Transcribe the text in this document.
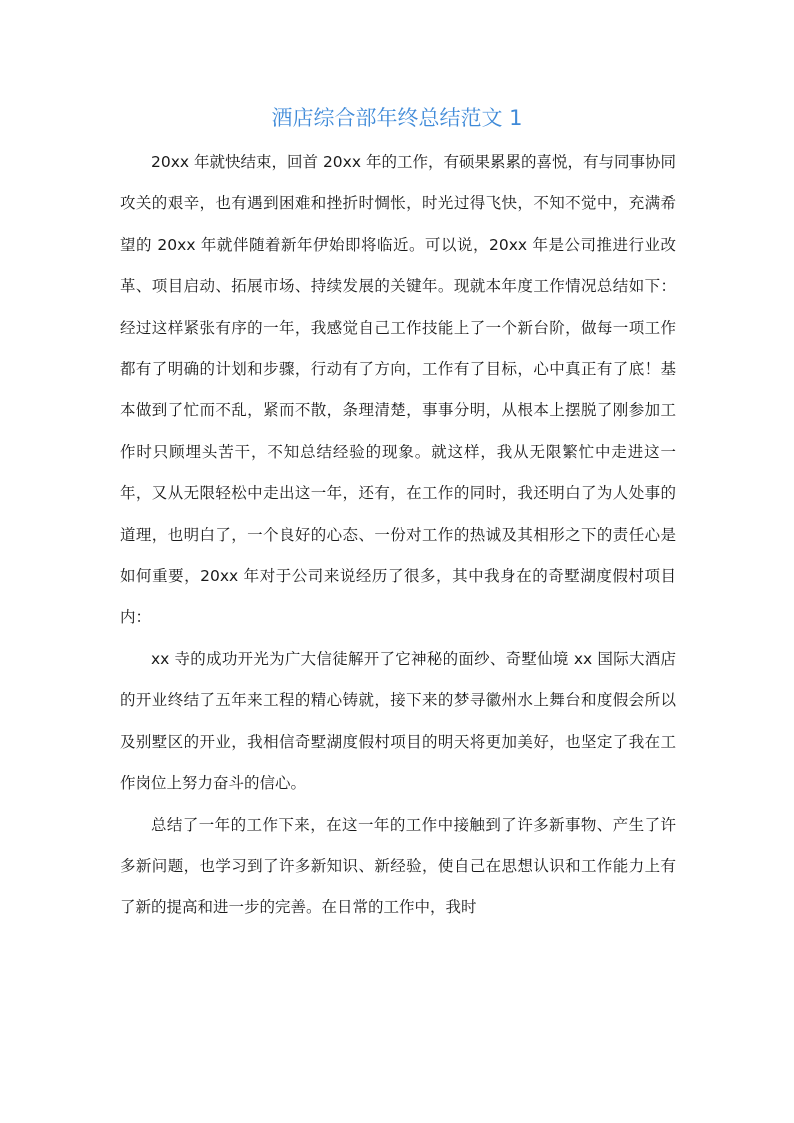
酒店综合部年终总结范文 1

20xx 年就快结束，回首 20xx 年的工作，有硕果累累的喜悦，有与同事协同攻关的艰辛，也有遇到困难和挫折时惆怅，时光过得飞快，不知不觉中，充满希望的 20xx 年就伴随着新年伊始即将临近。可以说，20xx 年是公司推进行业改革、项目启动、拓展市场、持续发展的关键年。现就本年度工作情况总结如下： 经过这样紧张有序的一年，我感觉自己工作技能上了一个新台阶，做每一项工作都有了明确的计划和步骤，行动有了方向，工作有了目标，心中真正有了底！基本做到了忙而不乱，紧而不散，条理清楚，事事分明，从根本上摆脱了刚参加工作时只顾埋头苦干，不知总结经验的现象。就这样，我从无限繁忙中走进这一年，又从无限轻松中走出这一年，还有，在工作的同时，我还明白了为人处事的道理，也明白了，一个良好的心态、一份对工作的热诚及其相形之下的责任心是如何重要，20xx 年对于公司来说经历了很多，其中我身在的奇墅湖度假村项目内：

xx 寺的成功开光为广大信徒解开了它神秘的面纱、奇墅仙境 xx 国际大酒店的开业终结了五年来工程的精心铸就，接下来的梦寻徽州水上舞台和度假会所以及别墅区的开业，我相信奇墅湖度假村项目的明天将更加美好，也坚定了我在工作岗位上努力奋斗的信心。

总结了一年的工作下来，在这一年的工作中接触到了许多新事物、产生了许多新问题，也学习到了许多新知识、新经验，使自己在思想认识和工作能力上有了新的提高和进一步的完善。在日常的工作中，我时
